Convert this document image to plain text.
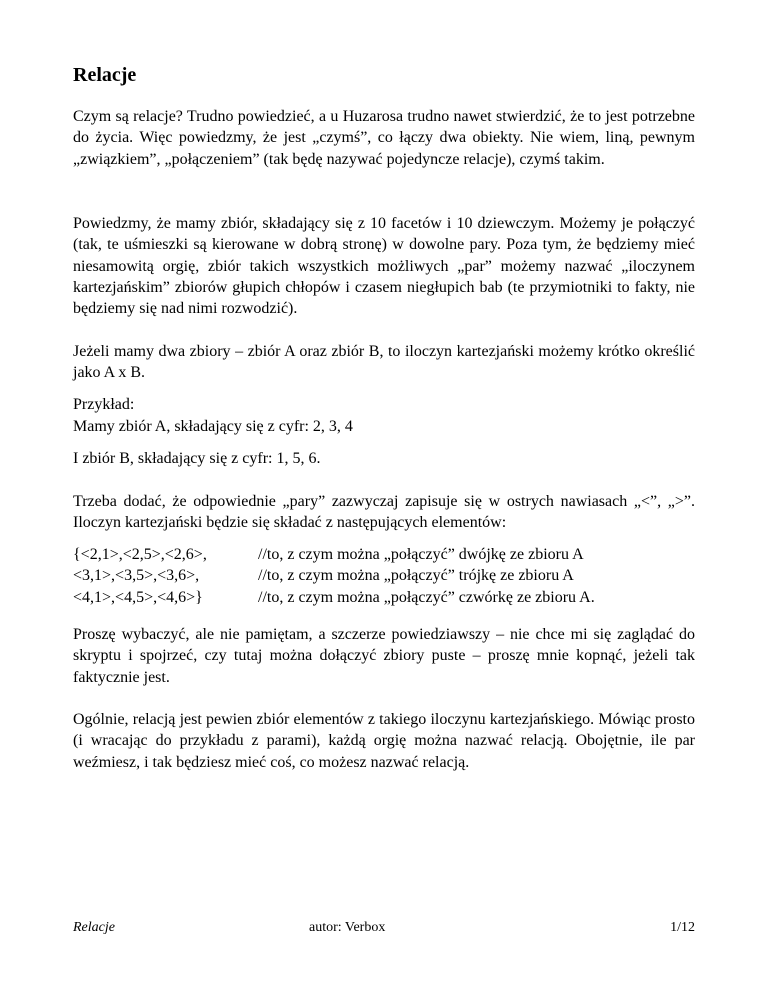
Relacje

Czym są relacje? Trudno powiedzieć, a u Huzarosa trudno nawet stwierdzić, że to jest potrzebne do życia. Więc powiedzmy, że jest „czymś”, co łączy dwa obiekty. Nie wiem, liną, pewnym „związkiem”, „połączeniem” (tak będę nazywać pojedyncze relacje), czymś takim.

Powiedzmy, że mamy zbiór, składający się z 10 facetów i 10 dziewczym. Możemy je połączyć (tak, te uśmieszki są kierowane w dobrą stronę) w dowolne pary. Poza tym, że będziemy mieć niesamowitą orgię, zbiór takich wszystkich możliwych „par” możemy nazwać „iloczynem kartezjańskim” zbiorów głupich chłopów i czasem niegłupich bab (te przymiotniki to fakty, nie będziemy się nad nimi rozwodzić).

Jeżeli mamy dwa zbiory – zbiór A oraz zbiór B, to iloczyn kartezjański możemy krótko określić jako A x B.

Przykład:

Mamy zbiór A, składający się z cyfr: 2, 3, 4

I zbiór B, składający się z cyfr: 1, 5, 6.

Trzeba dodać, że odpowiednie „pary” zazwyczaj zapisuje się w ostrych nawiasach „<”, „>”. Iloczyn kartezjański będzie się składać z następujących elementów:

{<2,1>,<2,5>,<2,6>,	//to, z czym można „połączyć” dwójkę ze zbioru A
<3,1>,<3,5>,<3,6>,	//to, z czym można „połączyć” trójkę ze zbioru A
<4,1>,<4,5>,<4,6>}	//to, z czym można „połączyć” czwórkę ze zbioru A.

Proszę wybaczyć, ale nie pamiętam, a szczerze powiedziawszy – nie chce mi się zaglądać do skryptu i spojrzeć, czy tutaj można dołączyć zbiory puste – proszę mnie kopnąć, jeżeli tak faktycznie jest.

Ogólnie, relacją jest pewien zbiór elementów z takiego iloczynu kartezjańskiego. Mówiąc prosto (i wracając do przykładu z parami), każdą orgię można nazwać relacją. Obojętnie, ile par weźmiesz, i tak będziesz mieć coś, co możesz nazwać relacją.

Relacje	autor: Verbox	1/12
